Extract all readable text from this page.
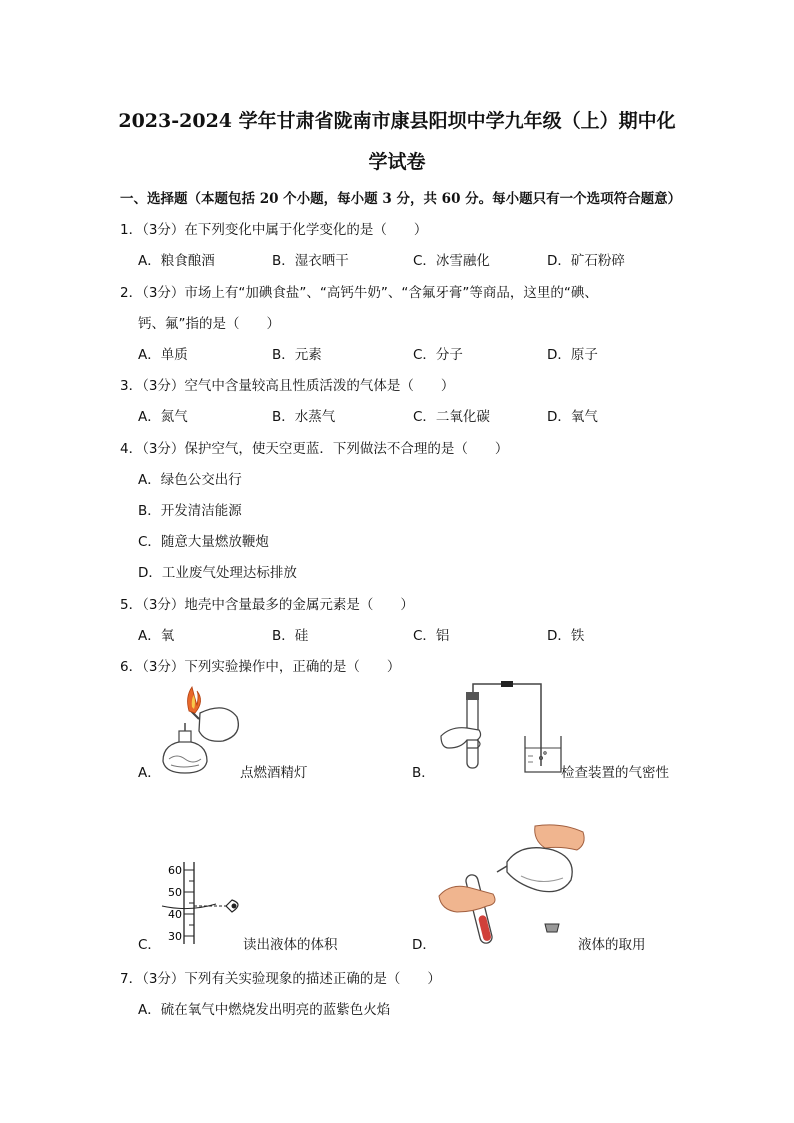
2023-2024 学年甘肃省陇南市康县阳坝中学九年级（上）期中化
学试卷
一、选择题（本题包括 20 个小题，每小题 3 分，共 60 分。每小题只有一个选项符合题意）
1．（3分）在下列变化中属于化学变化的是（　　）
A．粮食酿酒	B．湿衣晒干	C．冰雪融化	D．矿石粉碎
2．（3分）市场上有“加碘食盐”、“高钙牛奶”、“含氟牙膏”等商品，这里的“碘、
钙、氟”指的是（　　）
A．单质	B．元素	C．分子	D．原子
3．（3分）空气中含量较高且性质活泼的气体是（　　）
A．氮气	B．水蒸气	C．二氧化碳	D．氧气
4．（3分）保护空气，使天空更蓝．下列做法不合理的是（　　）
A．绿色公交出行
B．开发清洁能源
C．随意大量燃放鞭炮
D．工业废气处理达标排放
5．（3分）地壳中含量最多的金属元素是（　　）
A．氧	B．硅	C．铝	D．铁
6．（3分）下列实验操作中，正确的是（　　）
A．	点燃酒精灯	B．	检查装置的气密性
C．	读出液体的体积	D．	液体的取用
60
50
40
30
7．（3分）下列有关实验现象的描述正确的是（　　）
A．硫在氧气中燃烧发出明亮的蓝紫色火焰
